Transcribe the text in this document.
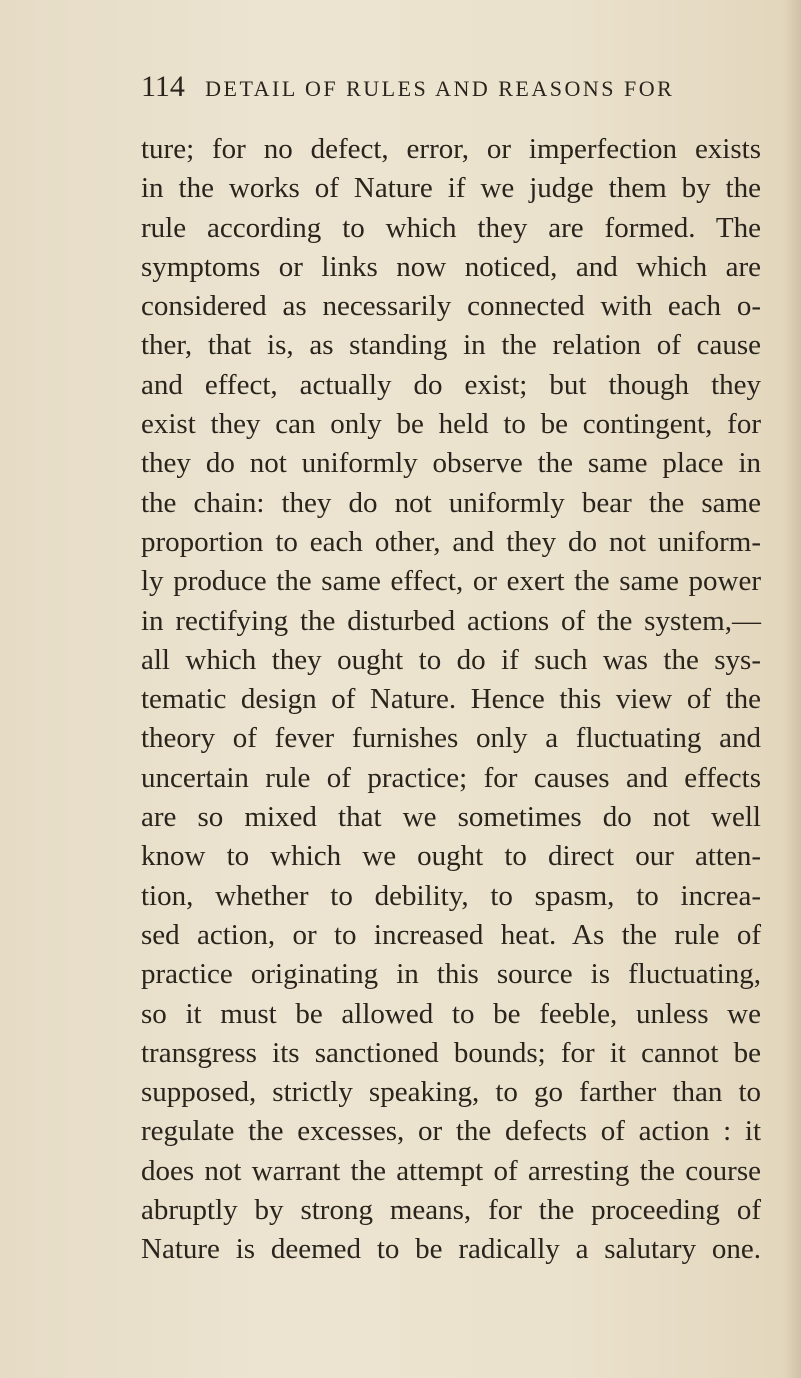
114 DETAIL OF RULES AND REASONS FOR
ture; for no defect, error, or imperfection exists
in the works of Nature if we judge them by the
rule according to which they are formed. The
symptoms or links now noticed, and which are
considered as necessarily connected with each o-
ther, that is, as standing in the relation of cause
and effect, actually do exist; but though they
exist they can only be held to be contingent, for
they do not uniformly observe the same place in
the chain: they do not uniformly bear the same
proportion to each other, and they do not uniform-
ly produce the same effect, or exert the same power
in rectifying the disturbed actions of the system,—
all which they ought to do if such was the sys-
tematic design of Nature. Hence this view of the
theory of fever furnishes only a fluctuating and
uncertain rule of practice; for causes and effects
are so mixed that we sometimes do not well
know to which we ought to direct our atten-
tion, whether to debility, to spasm, to increa-
sed action, or to increased heat. As the rule of
practice originating in this source is fluctuating,
so it must be allowed to be feeble, unless we
transgress its sanctioned bounds; for it cannot be
supposed, strictly speaking, to go farther than to
regulate the excesses, or the defects of action : it
does not warrant the attempt of arresting the course
abruptly by strong means, for the proceeding of
Nature is deemed to be radically a salutary one.
